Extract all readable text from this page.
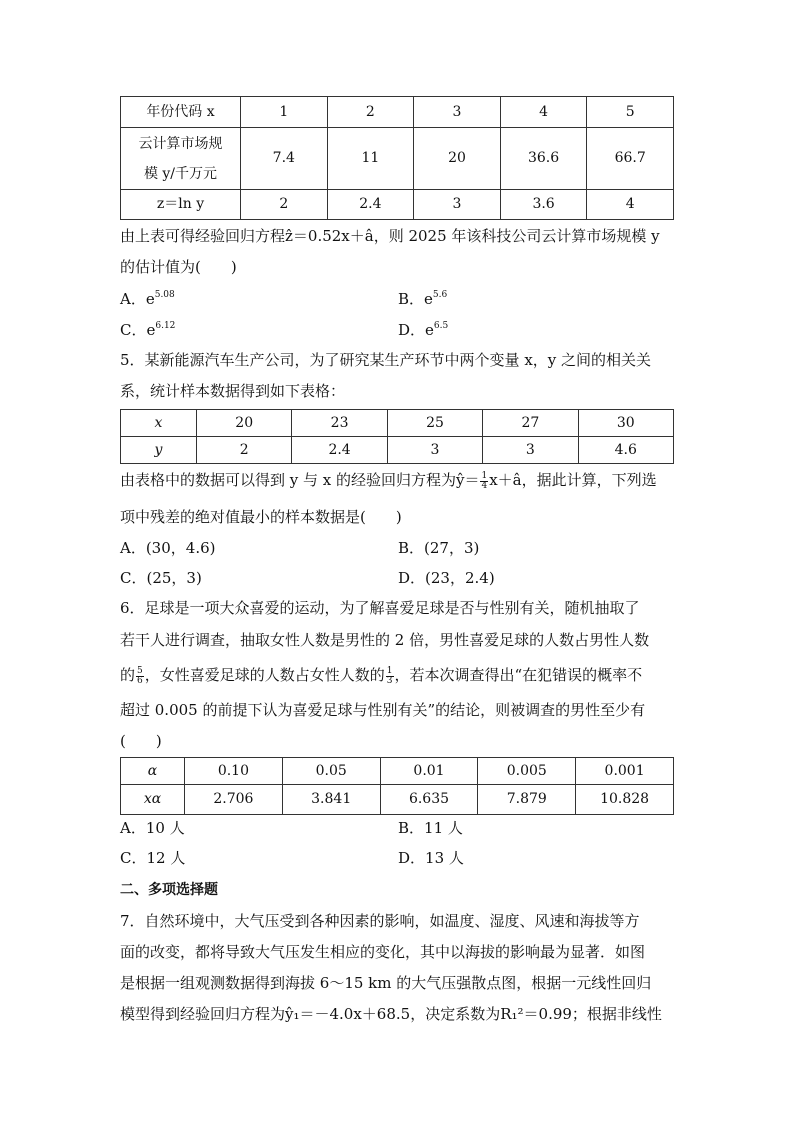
年份代码 x	1	2	3	4	5

云计算市场规
模 y/千万元	7.4	11	20	36.6	66.7
z＝ln y	2	2.4	3	3.6	4
由上表可得经验回归方程ẑ＝0.52x＋â，则 2025 年该科技公司云计算市场规模 y
的估计值为(　　)
A．$e^{5.08}$	B．$e^{5.6}$
C．$e^{6.12}$	D．$e^{6.5}$
5．某新能源汽车生产公司，为了研究某生产环节中两个变量 x，y 之间的相关关
系，统计样本数据得到如下表格：
x	20	23	25	27	30
y	2	2.4	3	3	4.6
由表格中的数据可以得到 y 与 x 的经验回归方程为ŷ＝ $\frac{1}{4}$ x＋â，据此计算，下列选
项中残差的绝对值最小的样本数据是(　　)
A．(30，4.6)	B．(27，3)
C．(25，3)	D．(23，2.4)
6．足球是一项大众喜爱的运动，为了解喜爱足球是否与性别有关，随机抽取了
若干人进行调查，抽取女性人数是男性的 2 倍，男性喜爱足球的人数占男性人数
的 $\frac{5}{6}$ ，女性喜爱足球的人数占女性人数的 $\frac{1}{3}$ ，若本次调查得出“在犯错误的概率不
超过 0.005 的前提下认为喜爱足球与性别有关”的结论，则被调查的男性至少有
(　　)
α	0.10	0.05	0.01	0.005	0.001
xα	2.706	3.841	6.635	7.879	10.828
A．10 人	B．11 人
C．12 人	D．13 人
二、多项选择题
7．自然环境中，大气压受到各种因素的影响，如温度、湿度、风速和海拔等方
面的改变，都将导致大气压发生相应的变化，其中以海拔的影响最为显著．如图
是根据一组观测数据得到海拔 6～15 km 的大气压强散点图，根据一元线性回归
模型得到经验回归方程为ŷ₁＝－4.0x＋68.5，决定系数为R₁²＝0.99；根据非线性
